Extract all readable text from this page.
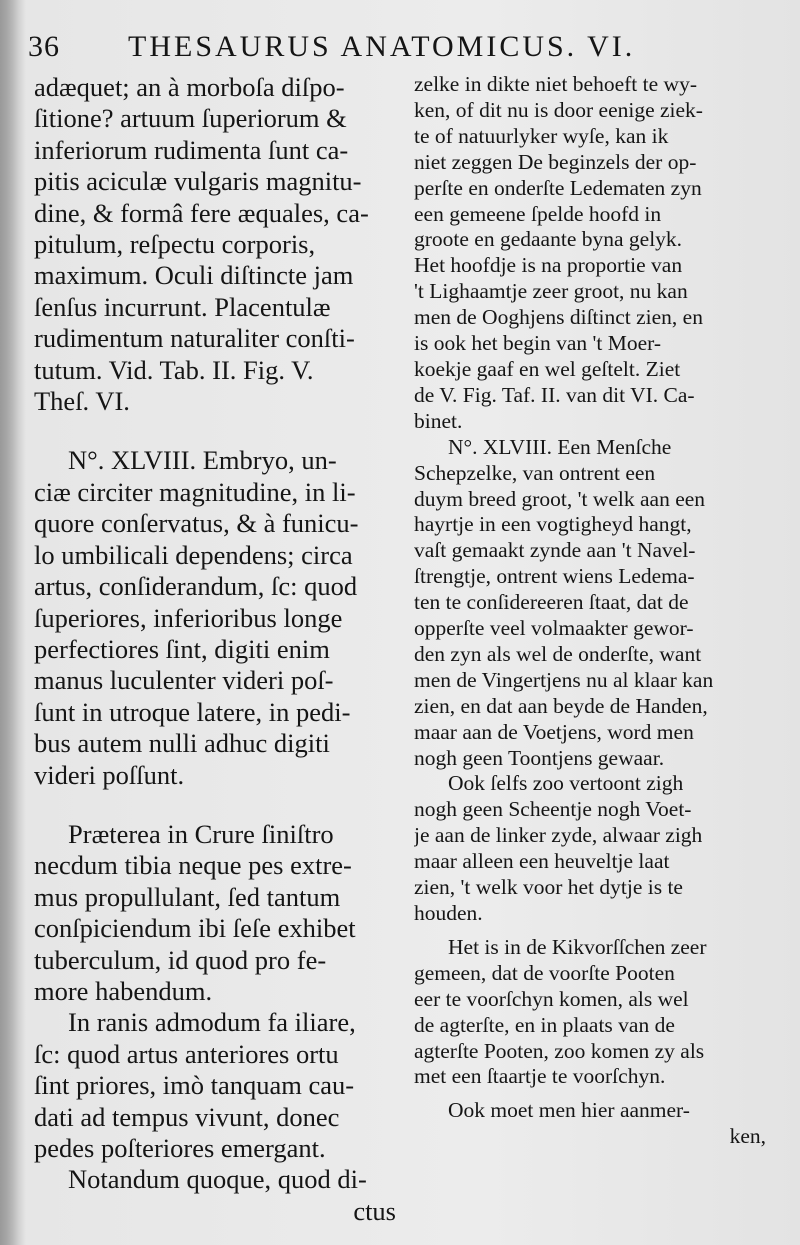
36 THESAURUS ANATOMICUS. VI.
adæquet; an à morboſa diſpo-
ſitione? artuum ſuperiorum &
inferiorum rudimenta ſunt ca-
pitis aciculæ vulgaris magnitu-
dine, & formâ fere æquales, ca-
pitulum, reſpectu corporis,
maximum. Oculi diſtincte jam
ſenſus incurrunt. Placentulæ
rudimentum naturaliter conſti-
tutum. Vid. Tab. II. Fig. V.
Theſ. VI.
N°. XLVIII. Embryo, un-
ciæ circiter magnitudine, in li-
quore conſervatus, & à funicu-
lo umbilicali dependens; circa
artus, conſiderandum, ſc: quod
ſuperiores, inferioribus longe
perfectiores ſint, digiti enim
manus luculenter videri poſ-
ſunt in utroque latere, in pedi-
bus autem nulli adhuc digiti
videri poſſunt.
Præterea in Crure ſiniſtro
necdum tibia neque pes extre-
mus propullulant, ſed tantum
conſpiciendum ibi ſeſe exhibet
tuberculum, id quod pro fe-
more habendum.
In ranis admodum fa iliare,
ſc: quod artus anteriores ortu
ſint priores, imò tanquam cau-
dati ad tempus vivunt, donec
pedes poſteriores emergant.
Notandum quoque, quod di-
ctus
zelke in dikte niet behoeft te wy-
ken, of dit nu is door eenige ziek-
te of natuurlyker wyſe, kan ik
niet zeggen De beginzels der op-
perſte en onderſte Ledematen zyn
een gemeene ſpelde hoofd in
groote en gedaante byna gelyk.
Het hoofdje is na proportie van
't Lighaamtje zeer groot, nu kan
men de Ooghjens diſtinct zien, en
is ook het begin van 't Moer-
koekje gaaf en wel geſtelt. Ziet
de V. Fig. Taf. II. van dit VI. Ca-
binet.
N°. XLVIII. Een Menſche
Schepzelke, van ontrent een
duym breed groot, 't welk aan een
hayrtje in een vogtigheyd hangt,
vaſt gemaakt zynde aan 't Navel-
ſtrengtje, ontrent wiens Ledema-
ten te conſidereeren ſtaat, dat de
opperſte veel volmaakter gewor-
den zyn als wel de onderſte, want
men de Vingertjens nu al klaar kan
zien, en dat aan beyde de Handen,
maar aan de Voetjens, word men
nogh geen Toontjens gewaar.
Ook ſelfs zoo vertoont zigh
nogh geen Scheentje nogh Voet-
je aan de linker zyde, alwaar zigh
maar alleen een heuveltje laat
zien, 't welk voor het dytje is te
houden.
Het is in de Kikvorſſchen zeer
gemeen, dat de voorſte Pooten
eer te voorſchyn komen, als wel
de agterſte, en in plaats van de
agterſte Pooten, zoo komen zy als
met een ſtaartje te voorſchyn.
Ook moet men hier aanmer-
ken,
